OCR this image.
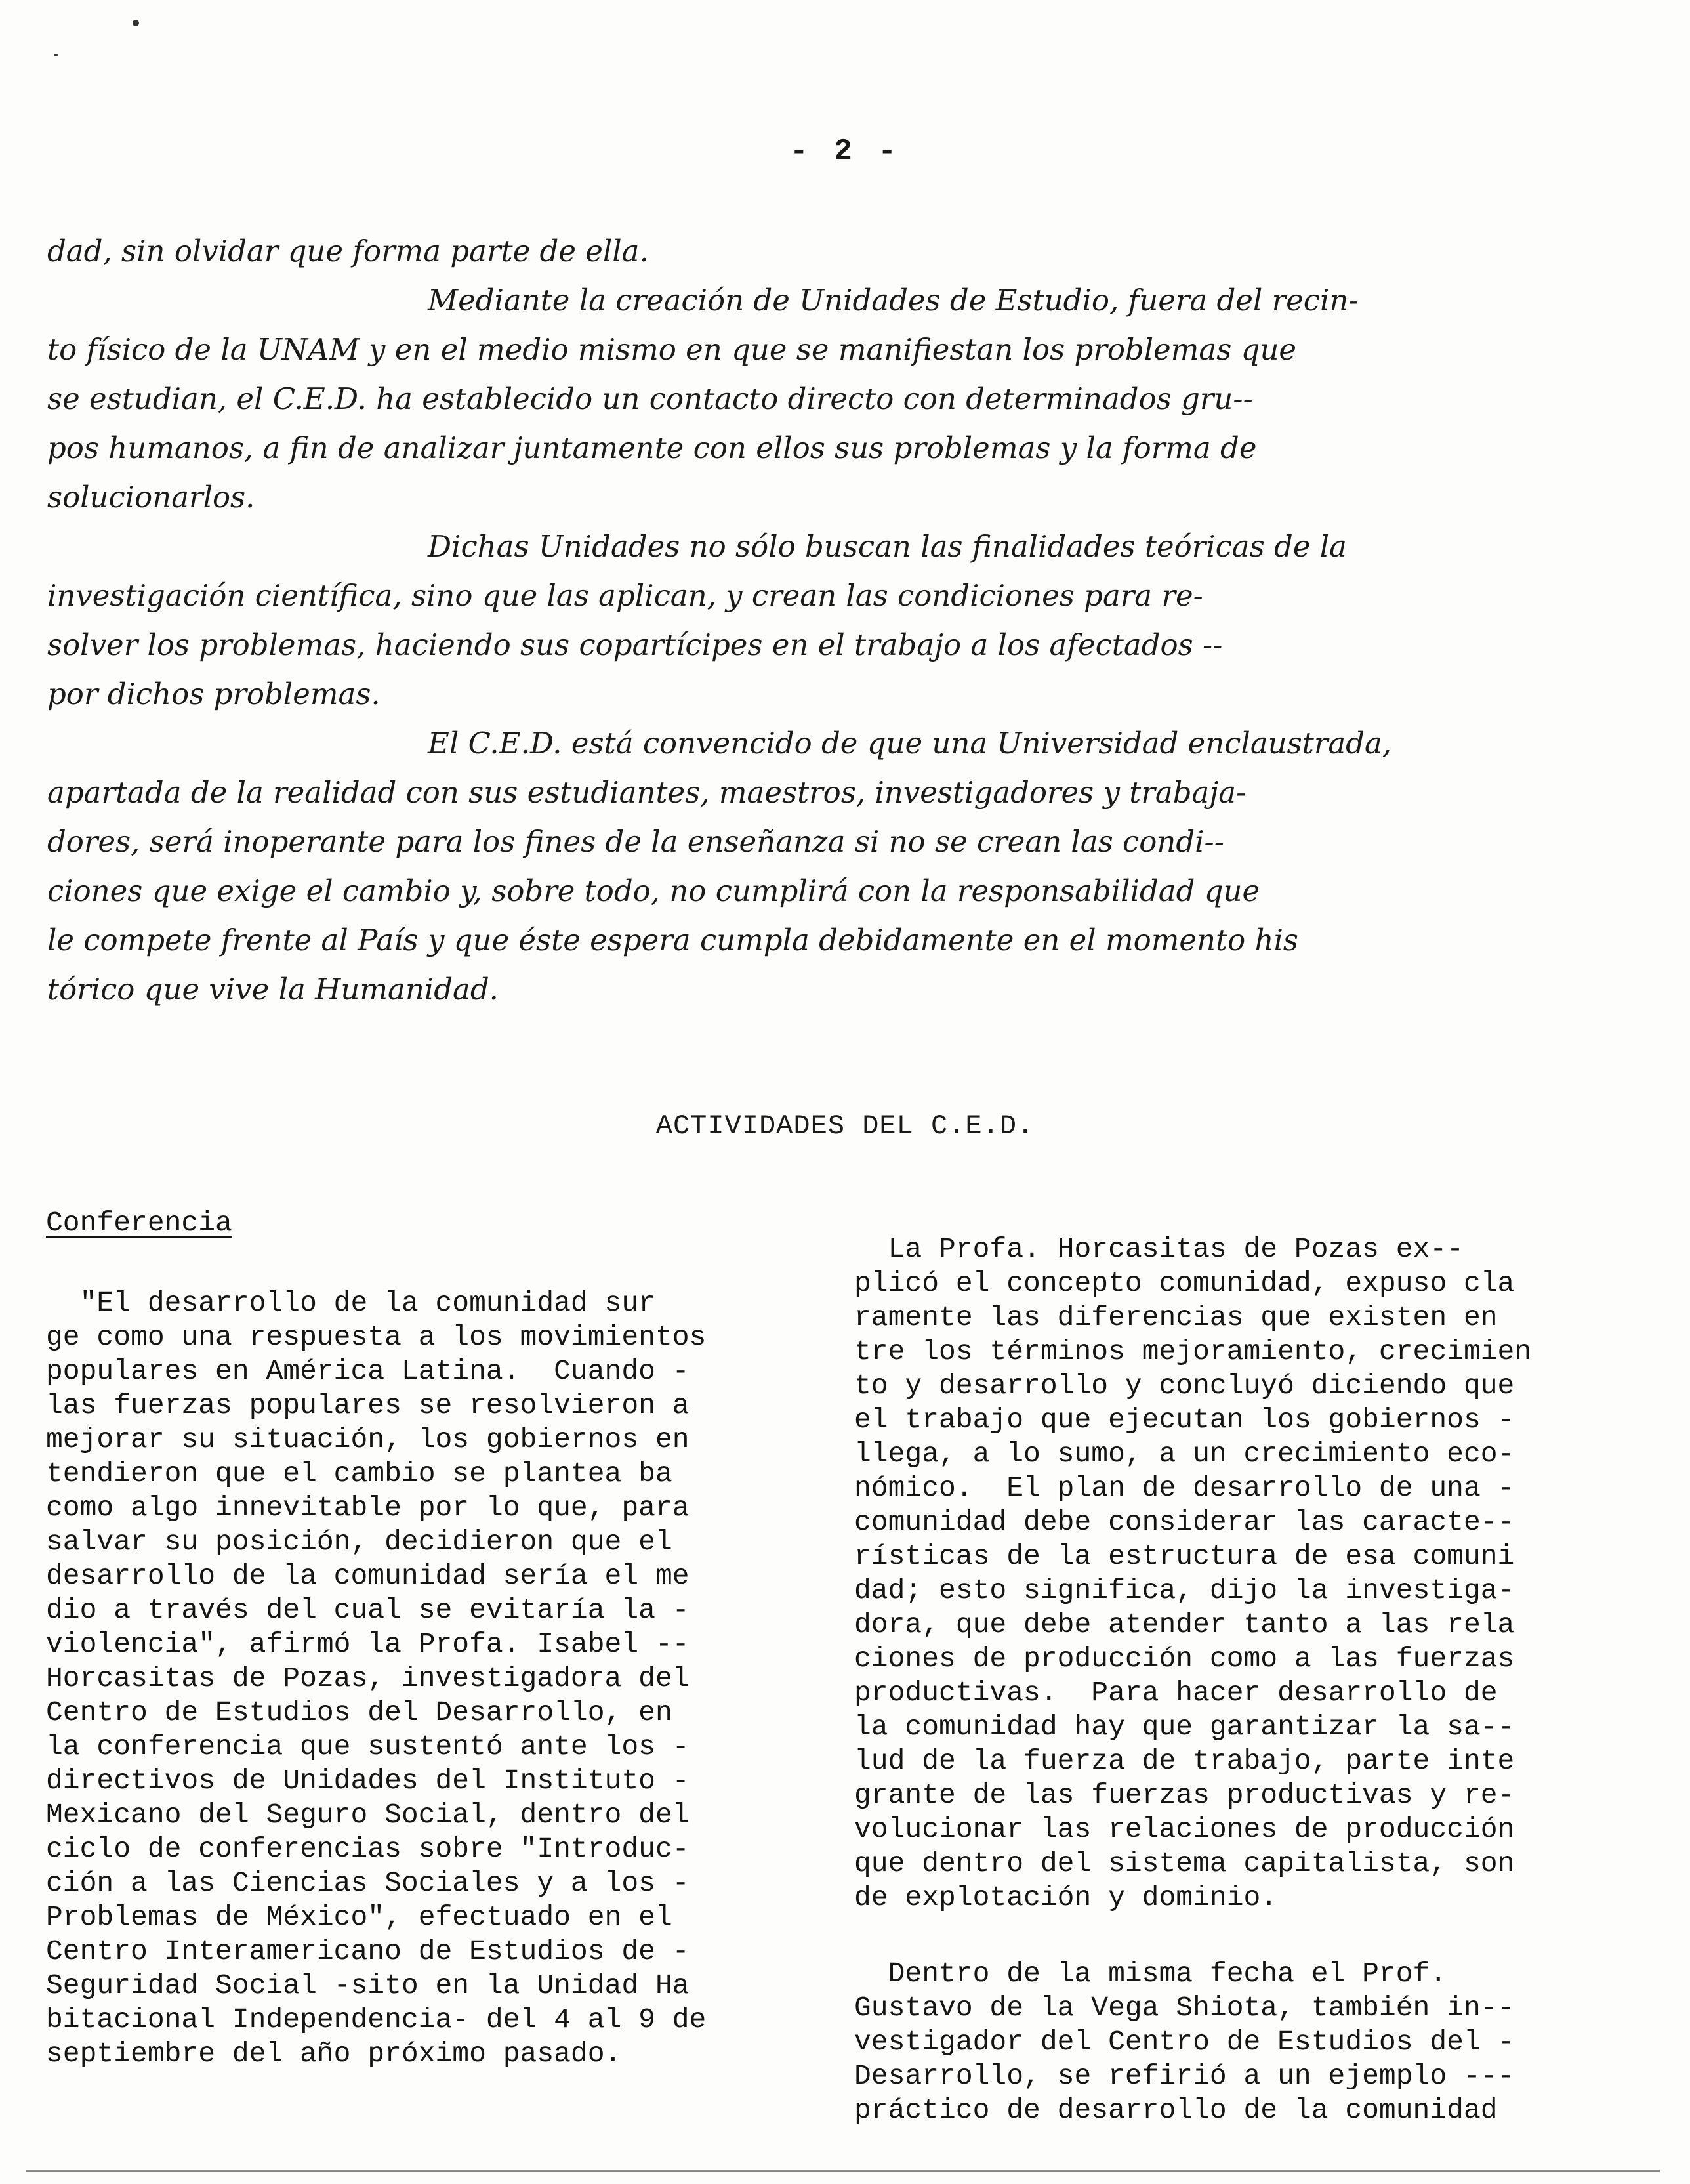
- 2 -
dad, sin olvidar que forma parte de ella.
Mediante la creación de Unidades de Estudio, fuera del recin-
to físico de la UNAM y en el medio mismo en que se manifiestan los problemas que
se estudian, el C.E.D. ha establecido un contacto directo con determinados gru--
pos humanos, a fin de analizar juntamente con ellos sus problemas y la forma de
solucionarlos.
Dichas Unidades no sólo buscan las finalidades teóricas de la
investigación científica, sino que las aplican, y crean las condiciones para re-
solver los problemas, haciendo sus copartícipes en el trabajo a los afectados --
por dichos problemas.
El C.E.D. está convencido de que una Universidad enclaustrada,
apartada de la realidad con sus estudiantes, maestros, investigadores y trabaja-
dores, será inoperante para los fines de la enseñanza si no se crean las condi--
ciones que exige el cambio y, sobre todo, no cumplirá con la responsabilidad que
le compete frente al País y que éste espera cumpla debidamente en el momento his
tórico que vive la Humanidad.
ACTIVIDADES DEL C.E.D.
Conferencia
"El desarrollo de la comunidad sur
ge como una respuesta a los movimientos
populares en América Latina.  Cuando -
las fuerzas populares se resolvieron a
mejorar su situación, los gobiernos en
tendieron que el cambio se plantea ba
como algo innevitable por lo que, para
salvar su posición, decidieron que el
desarrollo de la comunidad sería el me
dio a través del cual se evitaría la -
violencia", afirmó la Profa. Isabel --
Horcasitas de Pozas, investigadora del
Centro de Estudios del Desarrollo, en
la conferencia que sustentó ante los -
directivos de Unidades del Instituto -
Mexicano del Seguro Social, dentro del
ciclo de conferencias sobre "Introduc-
ción a las Ciencias Sociales y a los -
Problemas de México", efectuado en el
Centro Interamericano de Estudios de -
Seguridad Social -sito en la Unidad Ha
bitacional Independencia- del 4 al 9 de
septiembre del año próximo pasado.
La Profa. Horcasitas de Pozas ex--
plicó el concepto comunidad, expuso cla
ramente las diferencias que existen en
tre los términos mejoramiento, crecimien
to y desarrollo y concluyó diciendo que
el trabajo que ejecutan los gobiernos -
llega, a lo sumo, a un crecimiento eco-
nómico.  El plan de desarrollo de una -
comunidad debe considerar las caracte--
rísticas de la estructura de esa comuni
dad; esto significa, dijo la investiga-
dora, que debe atender tanto a las rela
ciones de producción como a las fuerzas
productivas.  Para hacer desarrollo de
la comunidad hay que garantizar la sa--
lud de la fuerza de trabajo, parte inte
grante de las fuerzas productivas y re-
volucionar las relaciones de producción
que dentro del sistema capitalista, son
de explotación y dominio.
Dentro de la misma fecha el Prof.
Gustavo de la Vega Shiota, también in--
vestigador del Centro de Estudios del -
Desarrollo, se refirió a un ejemplo ---
práctico de desarrollo de la comunidad
